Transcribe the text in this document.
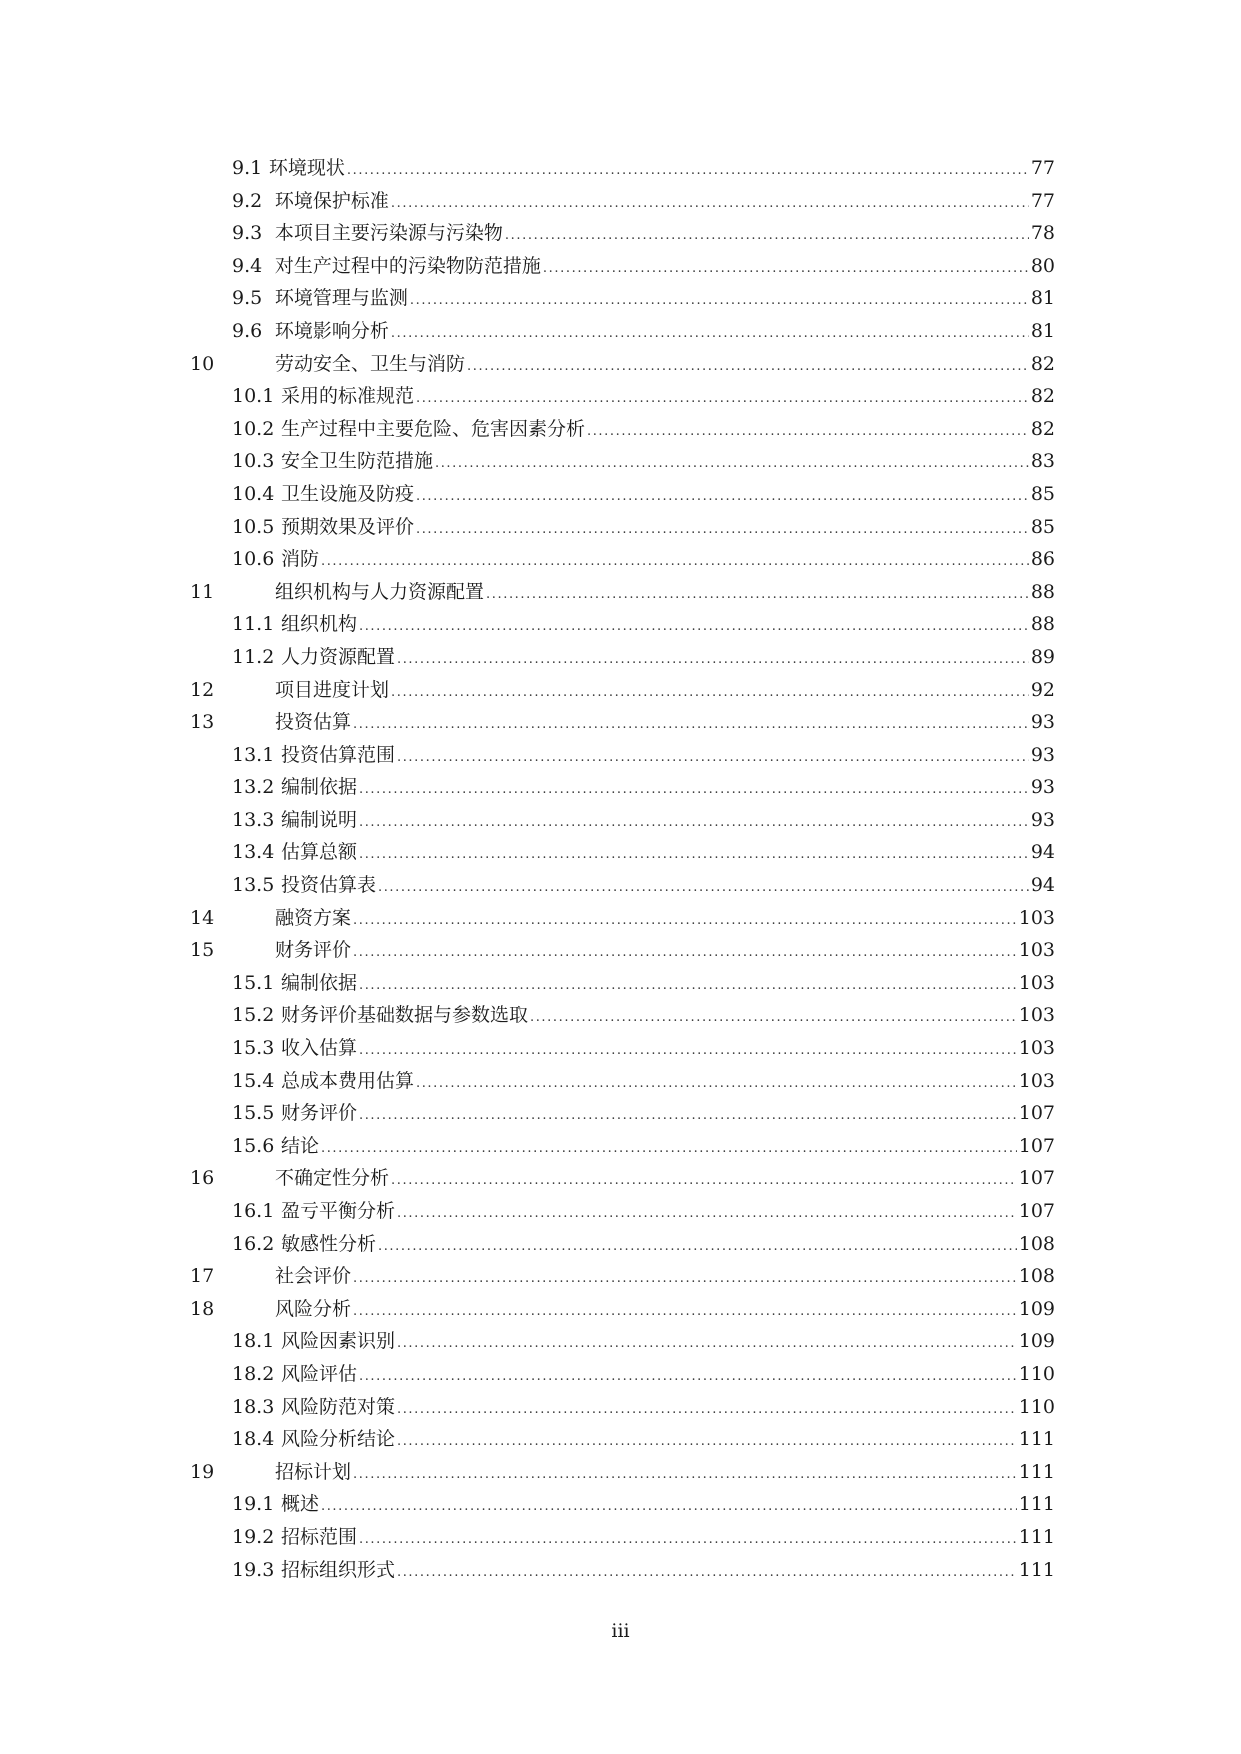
9.1 环境现状 .....	77
9.2 环境保护标准 .....	77
9.3 本项目主要污染源与污染物 .....	78
9.4 对生产过程中的污染物防范措施 .....	80
9.5 环境管理与监测 .....	81
9.6 环境影响分析 .....	81
10	劳动安全、卫生与消防 .....	82
10.1 采用的标准规范 .....	82
10.2 生产过程中主要危险、危害因素分析 .....	82
10.3 安全卫生防范措施 .....	83
10.4 卫生设施及防疫 .....	85
10.5 预期效果及评价 .....	85
10.6 消防 .....	86
11	组织机构与人力资源配置 .....	88
11.1 组织机构 .....	88
11.2 人力资源配置 .....	89
12	项目进度计划 .....	92
13	投资估算 .....	93
13.1 投资估算范围 .....	93
13.2 编制依据 .....	93
13.3 编制说明 .....	93
13.4 估算总额 .....	94
13.5 投资估算表 .....	94
14	融资方案 .....	103
15	财务评价 .....	103
15.1 编制依据 .....	103
15.2 财务评价基础数据与参数选取 .....	103
15.3 收入估算 .....	103
15.4 总成本费用估算 .....	103
15.5 财务评价 .....	107
15.6 结论 .....	107
16	不确定性分析 .....	107
16.1 盈亏平衡分析 .....	107
16.2 敏感性分析 .....	108
17	社会评价 .....	108
18	风险分析 .....	109
18.1 风险因素识别 .....	109
18.2 风险评估 .....	110
18.3 风险防范对策 .....	110
18.4 风险分析结论 .....	111
19	招标计划 .....	111
19.1 概述 .....	111
19.2 招标范围 .....	111
19.3 招标组织形式 .....	111
iii
